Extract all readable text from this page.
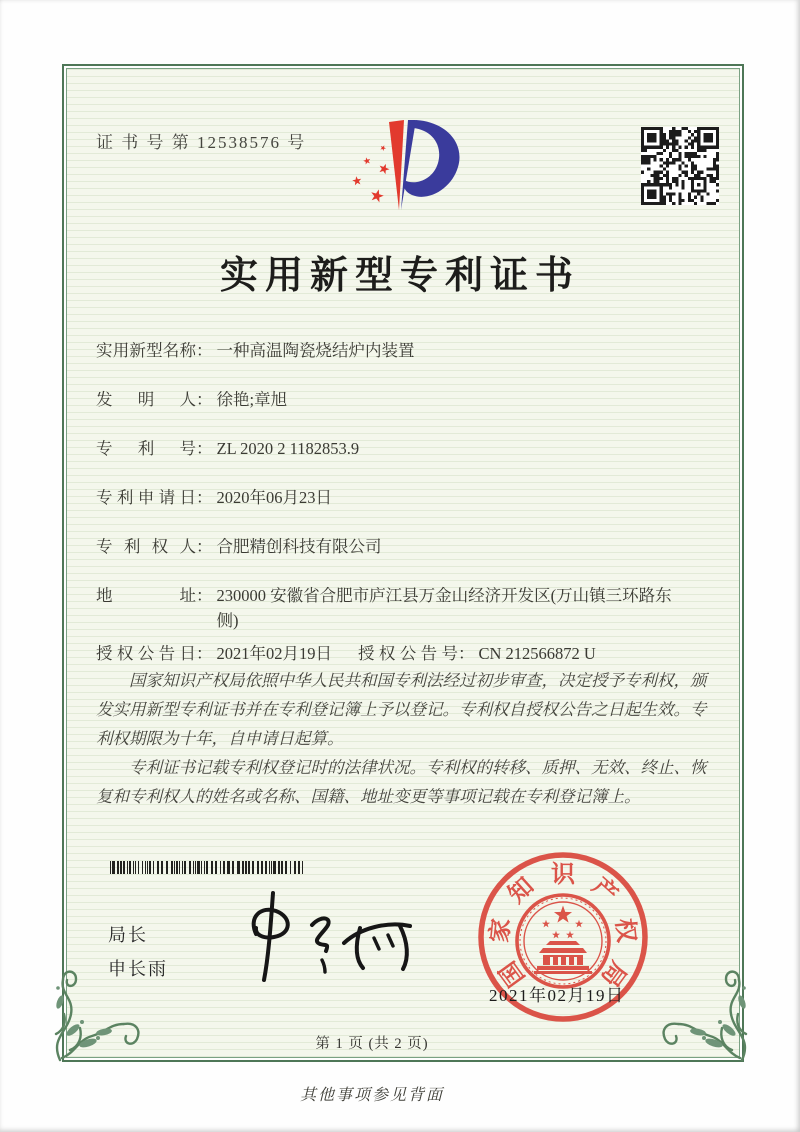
证 书 号 第 12538576 号
实用新型专利证书
实用新型名称： 一种高温陶瓷烧结炉内装置
发明人： 徐艳;章旭
专利号： ZL 2020 2 1182853.9
专利申请日： 2020年06月23日
专利权人： 合肥精创科技有限公司
地址： 230000 安徽省合肥市庐江县万金山经济开发区(万山镇三环路东侧)
授权公告日： 2021年02月19日 授权公告号： CN 212566872 U

国家知识产权局依照中华人民共和国专利法经过初步审查，决定授予专利权，颁发实用新型专利证书并在专利登记簿上予以登记。专利权自授权公告之日起生效。专利权期限为十年，自申请日起算。

专利证书记载专利权登记时的法律状况。专利权的转移、质押、无效、终止、恢复和专利权人的姓名或名称、国籍、地址变更等事项记载在专利登记簿上。

局长
申长雨	国
家
知 识 产
权
局
2021年02月19日
第 1 页 (共 2 页)
其他事项参见背面
